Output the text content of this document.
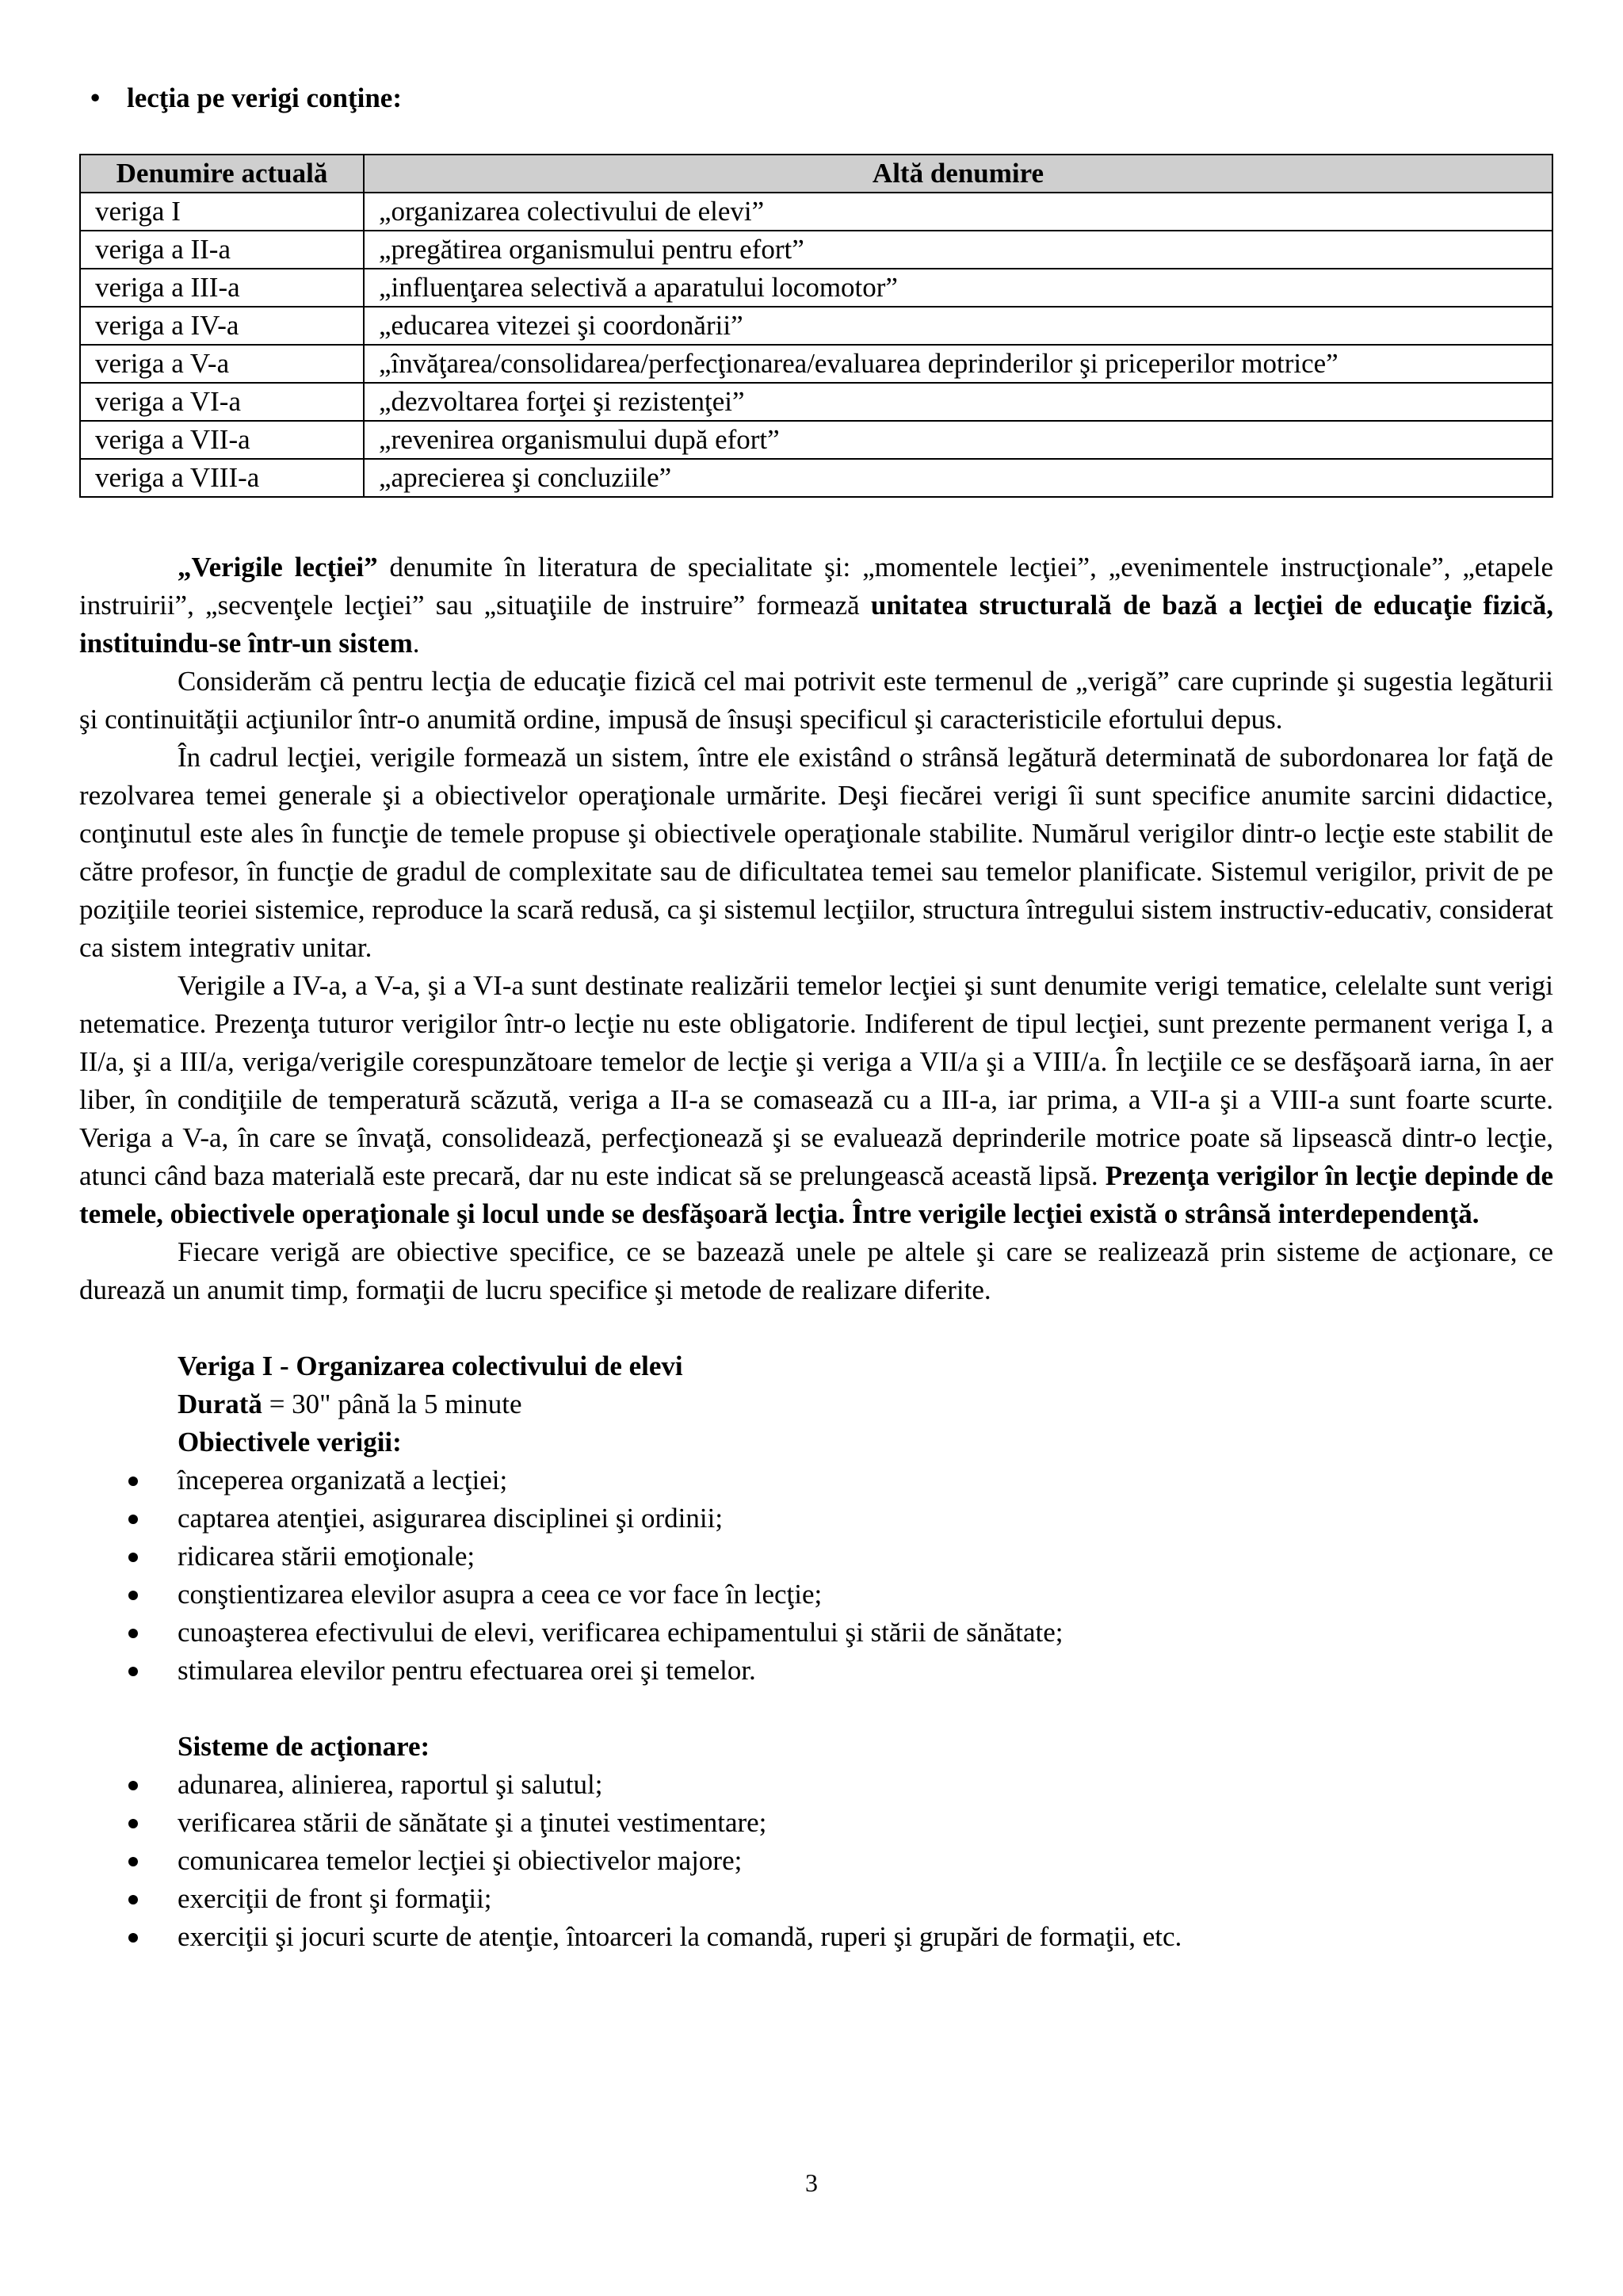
• lecţia pe verigi conţine:
Denumire actuală	Altă denumire
veriga I	„organizarea colectivului de elevi”
veriga a II-a	„pregătirea organismului pentru efort”
veriga a III-a	„influenţarea selectivă a aparatului locomotor”
veriga a IV-a	„educarea vitezei şi coordonării”
veriga a V-a	„învăţarea/consolidarea/perfecţionarea/evaluarea deprinderilor şi priceperilor motrice”
veriga a VI-a	„dezvoltarea forţei şi rezistenţei”
veriga a VII-a	„revenirea organismului după efort”
veriga a VIII-a	„aprecierea şi concluziile”

„Verigile lecţiei” denumite în literatura de specialitate şi: „momentele lecţiei”, „evenimentele instrucţionale”, „etapele instruirii”, „secvenţele lecţiei” sau „situaţiile de instruire” formează unitatea structurală de bază a lecţiei de educaţie fizică, instituindu-se într-un sistem.

Considerăm că pentru lecţia de educaţie fizică cel mai potrivit este termenul de „verigă” care cuprinde şi sugestia legăturii şi continuităţii acţiunilor într-o anumită ordine, impusă de însuşi specificul şi caracteristicile efortului depus.

În cadrul lecţiei, verigile formează un sistem, între ele existând o strânsă legătură determinată de subordonarea lor faţă de rezolvarea temei generale şi a obiectivelor operaţionale urmărite. Deşi fiecărei verigi îi sunt specifice anumite sarcini didactice, conţinutul este ales în funcţie de temele propuse şi obiectivele operaţionale stabilite. Numărul verigilor dintr-o lecţie este stabilit de către profesor, în funcţie de gradul de complexitate sau de dificultatea temei sau temelor planificate. Sistemul verigilor, privit de pe poziţiile teoriei sistemice, reproduce la scară redusă, ca şi sistemul lecţiilor, structura întregului sistem instructiv-educativ, considerat ca sistem integrativ unitar.

Verigile a IV-a, a V-a, şi a VI-a sunt destinate realizării temelor lecţiei şi sunt denumite verigi tematice, celelalte sunt verigi netematice. Prezenţa tuturor verigilor într-o lecţie nu este obligatorie. Indiferent de tipul lecţiei, sunt prezente permanent veriga I, a II/a, şi a III/a, veriga/verigile corespunzătoare temelor de lecţie şi veriga a VII/a şi a VIII/a. În lecţiile ce se desfăşoară iarna, în aer liber, în condiţiile de temperatură scăzută, veriga a II-a se comasează cu a III-a, iar prima, a VII-a şi a VIII-a sunt foarte scurte. Veriga a V-a, în care se învaţă, consolidează, perfecţionează şi se evaluează deprinderile motrice poate să lipsească dintr-o lecţie, atunci când baza materială este precară, dar nu este indicat să se prelungească această lipsă. Prezenţa verigilor în lecţie depinde de temele, obiectivele operaţionale şi locul unde se desfăşoară lecţia. Între verigile lecţiei există o strânsă interdependenţă.

Fiecare verigă are obiective specifice, ce se bazează unele pe altele şi care se realizează prin sisteme de acţionare, ce durează un anumit timp, formaţii de lucru specifice şi metode de realizare diferite.

Veriga I - Organizarea colectivului de elevi

Durată = 30" până la 5 minute

Obiectivele verigii:

începerea organizată a lecţiei;
captarea atenţiei, asigurarea disciplinei şi ordinii;
ridicarea stării emoţionale;
conştientizarea elevilor asupra a ceea ce vor face în lecţie;
cunoaşterea efectivului de elevi, verificarea echipamentului şi stării de sănătate;
stimularea elevilor pentru efectuarea orei şi temelor.

Sisteme de acţionare:

adunarea, alinierea, raportul şi salutul;
verificarea stării de sănătate şi a ţinutei vestimentare;
comunicarea temelor lecţiei şi obiectivelor majore;
exerciţii de front şi formaţii;
exerciţii şi jocuri scurte de atenţie, întoarceri la comandă, ruperi şi grupări de formaţii, etc.
3
